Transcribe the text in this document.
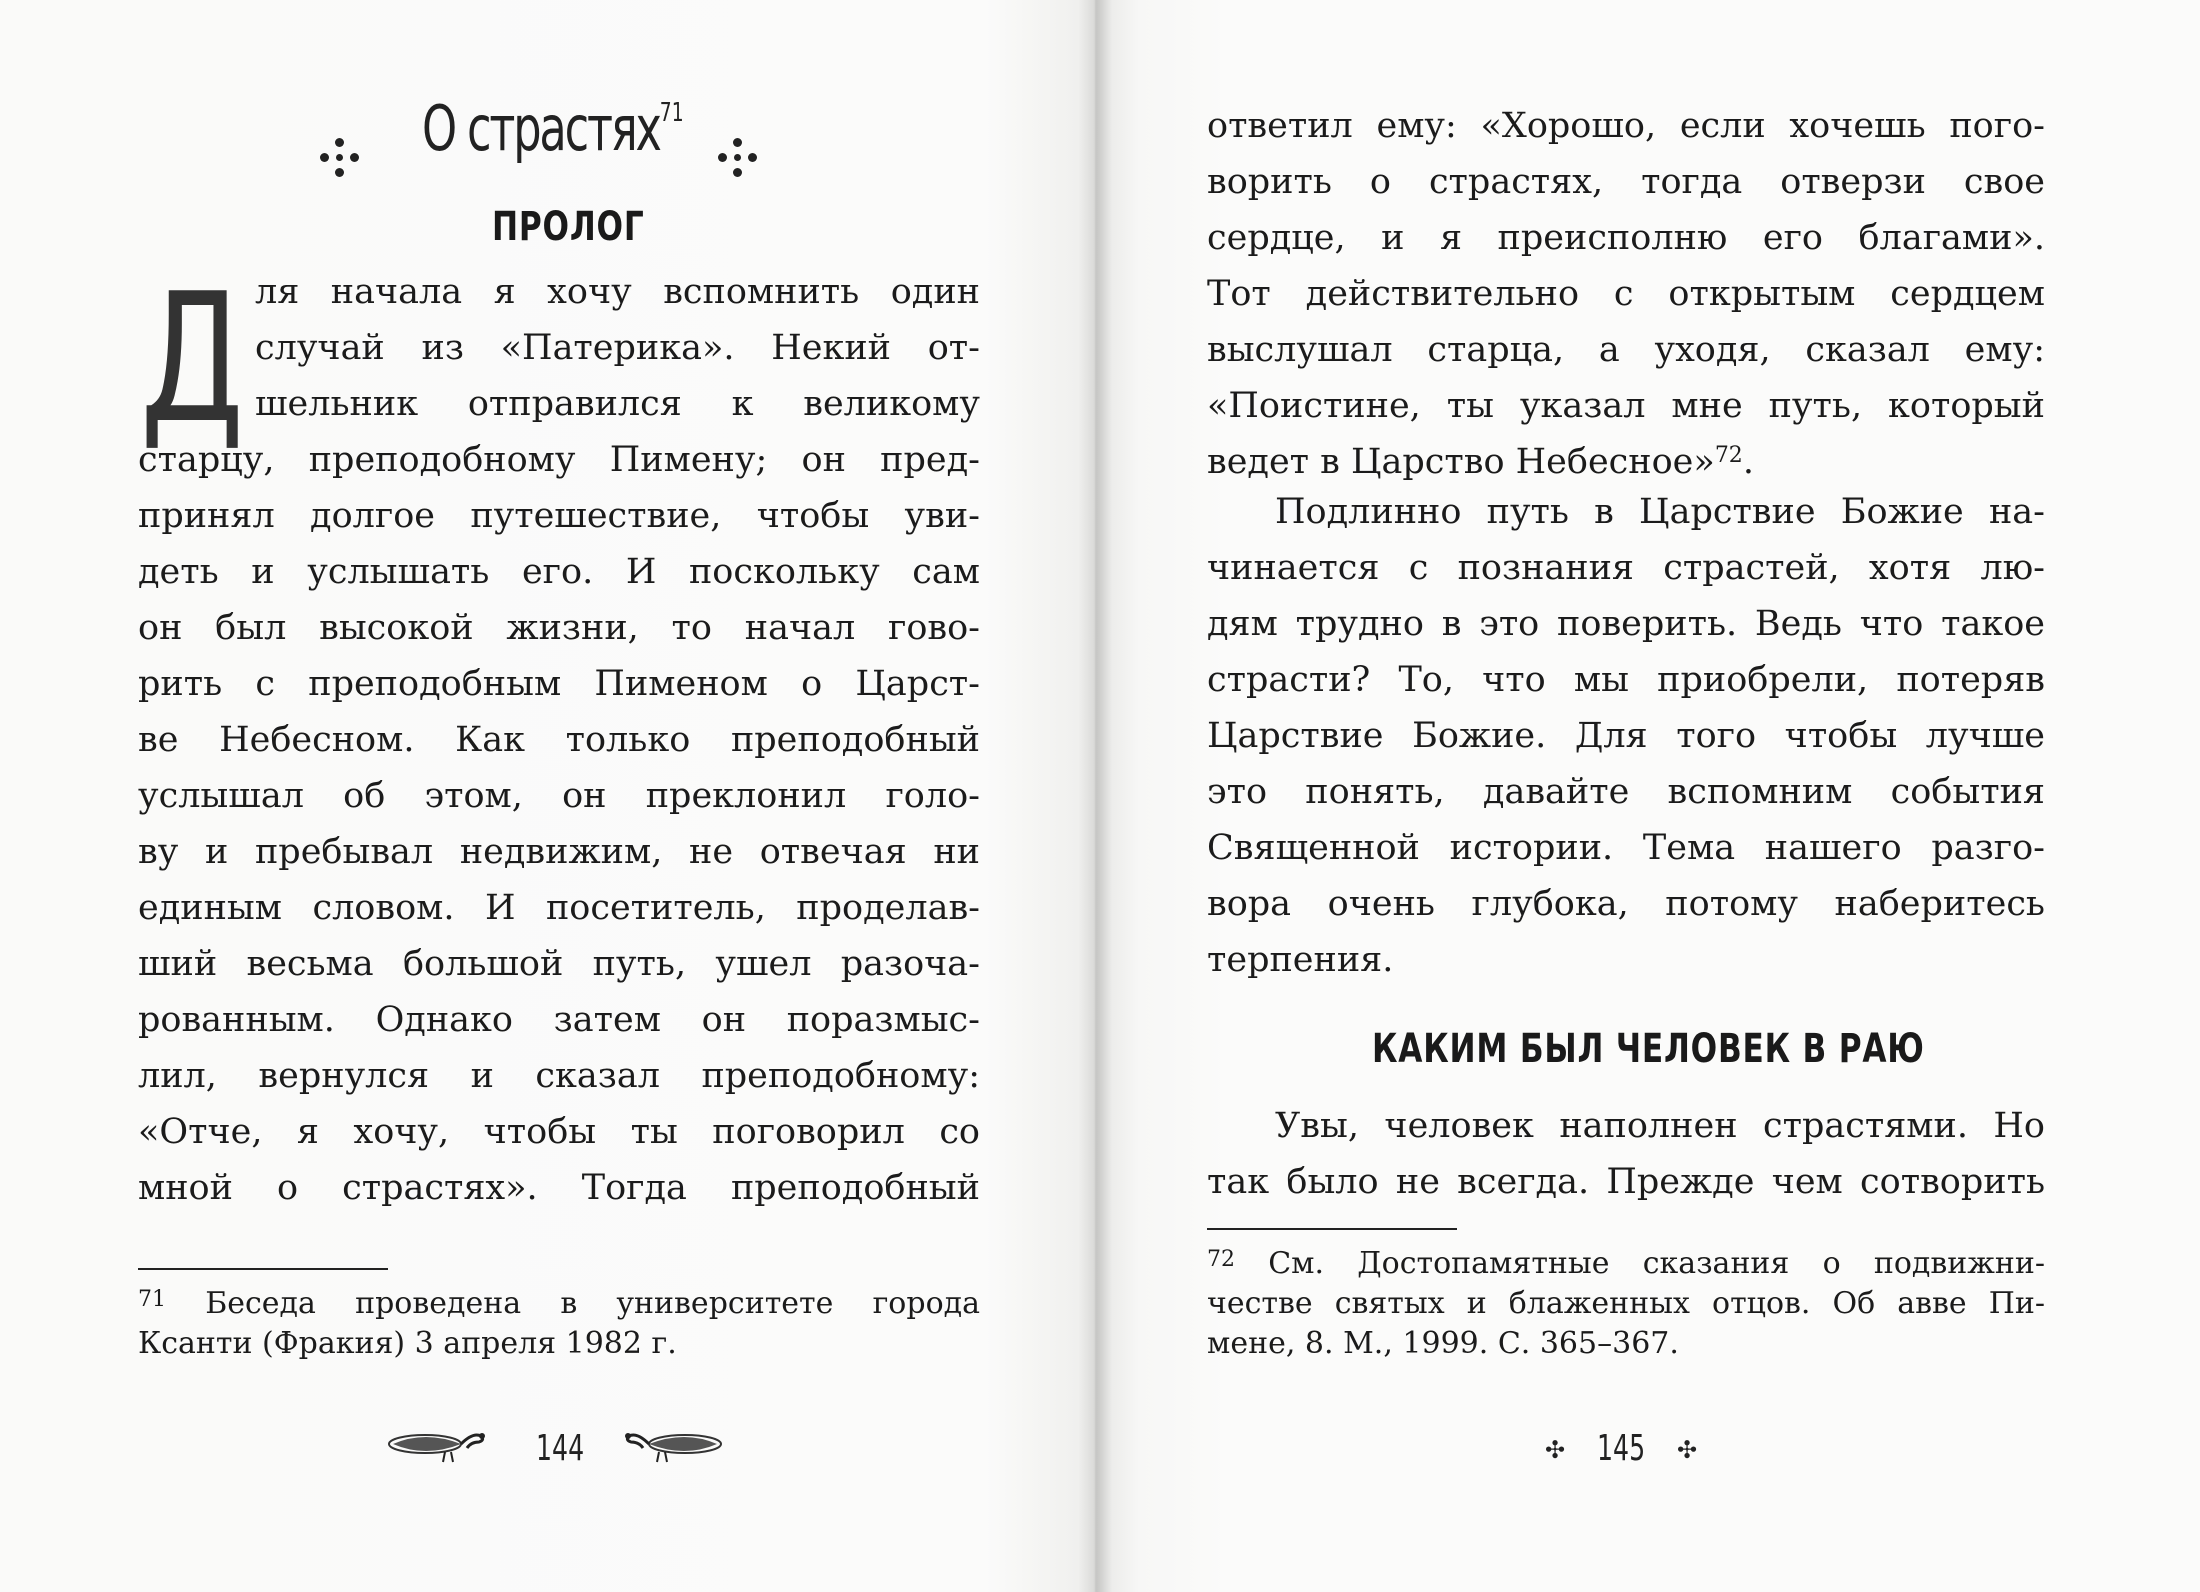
О страстях$^{71}$
ПРОЛОГ
Д ля начала я хочу вспомнить один
случай из «Патерика». Некий от-
шельник отправился к великому
старцу, преподобному Пимену; он пред-
принял долгое путешествие, чтобы уви-
деть и услышать его. И поскольку сам
он был высокой жизни, то начал гово-
рить с преподобным Пименом о Царст-
ве Небесном. Как только преподобный
услышал об этом, он преклонил голо-
ву и пребывал недвижим, не отвечая ни
единым словом. И посетитель, проделав-
ший весьма большой путь, ушел разоча-
рованным. Однако затем он поразмыс-
лил, вернулся и сказал преподобному:
«Отче, я хочу, чтобы ты поговорил со
мной о страстях». Тогда преподобный
$^{71}$ Беседа проведена в университете города
Ксанти (Фракия) 3 апреля 1982 г.
144
ответил ему: «Хорошо, если хочешь пого-
ворить о страстях, тогда отверзи свое
сердце, и я преисполню его благами».
Тот действительно с открытым сердцем
выслушал старца, а уходя, сказал ему:
«Поистине, ты указал мне путь, который
ведет в Царство Небесное»$^{72}$.
Подлинно путь в Царствие Божие на-
чинается с познания страстей, хотя лю-
дям трудно в это поверить. Ведь что такое
страсти? То, что мы приобрели, потеряв
Царствие Божие. Для того чтобы лучше
это понять, давайте вспомним события
Священной истории. Тема нашего разго-
вора очень глубока, потому наберитесь
терпения.
КАКИМ БЫЛ ЧЕЛОВЕК В РАЮ
Увы, человек наполнен страстями. Но
так было не всегда. Прежде чем сотворить
$^{72}$ См. Достопамятные сказания о подвижни-
честве святых и блаженных отцов. Об авве Пи-
мене, 8. М., 1999. С. 365–367.
✣ 145 ✣
